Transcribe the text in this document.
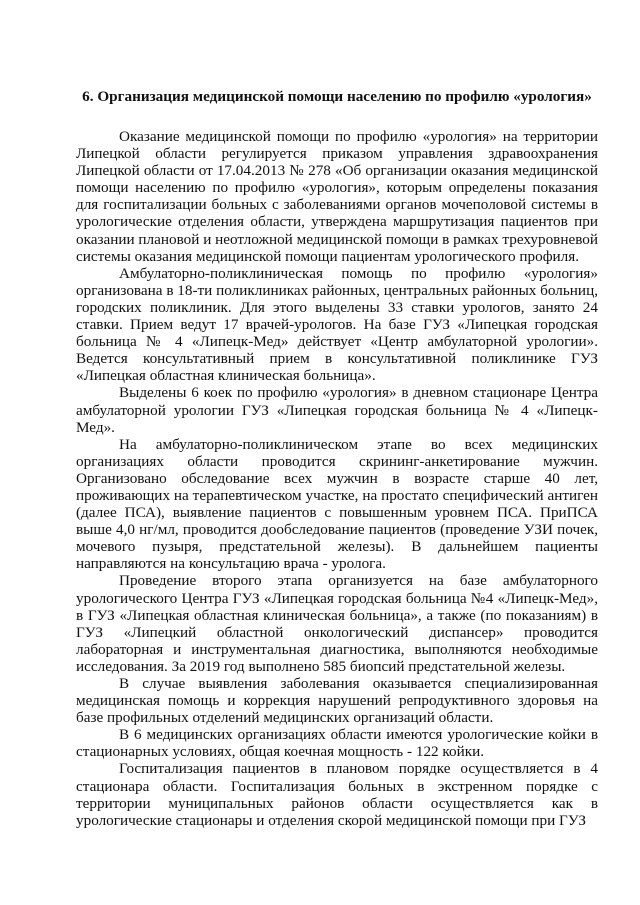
6. Организация медицинской помощи населению по профилю «урология»

Оказание медицинской помощи по профилю «урология» на территории Липецкой области регулируется приказом управления здравоохранения Липецкой области от 17.04.2013 № 278 «Об организации оказания медицинской помощи населению по профилю «урология», которым определены показания для госпитализации больных с заболеваниями органов мочеполовой системы в урологические отделения области, утверждена маршрутизация пациентов при оказании плановой и неотложной медицинской помощи в рамках трехуровневой системы оказания медицинской помощи пациентам урологического профиля.

Амбулаторно-поликлиническая помощь по профилю «урология» организована в 18-ти поликлиниках районных, центральных районных больниц, городских поликлиник. Для этого выделены 33 ставки урологов, занято 24 ставки. Прием ведут 17 врачей-урологов. На базе ГУЗ «Липецкая городская больница № 4 «Липецк-Мед» действует «Центр амбулаторной урологии». Ведется консультативный прием в консультативной поликлинике ГУЗ «Липецкая областная клиническая больница».

Выделены 6 коек по профилю «урология» в дневном стационаре Центра амбулаторной урологии ГУЗ «Липецкая городская больница № 4 «Липецк-Мед».

На амбулаторно-поликлиническом этапе во всех медицинских организациях области проводится скрининг-анкетирование мужчин. Организовано обследование всех мужчин в возрасте старше 40 лет, проживающих на терапевтическом участке, на простато специфический антиген (далее ПСА), выявление пациентов с повышенным уровнем ПСА. ПриПСА выше 4,0 нг/мл, проводится дообследование пациентов (проведение УЗИ почек, мочевого пузыря, предстательной железы). В дальнейшем пациенты направляются на консультацию врача - уролога.

Проведение второго этапа организуется на базе амбулаторного урологического Центра ГУЗ «Липецкая городская больница №4 «Липецк-Мед», в ГУЗ «Липецкая областная клиническая больница», а также (по показаниям) в ГУЗ «Липецкий областной онкологический диспансер» проводится лабораторная и инструментальная диагностика, выполняются необходимые исследования. За 2019 год выполнено 585 биопсий предстательной железы.

В случае выявления заболевания оказывается специализированная медицинская помощь и коррекция нарушений репродуктивного здоровья на базе профильных отделений медицинских организаций области.

В 6 медицинских организациях области имеются урологические койки в стационарных условиях, общая коечная мощность - 122 койки.

Госпитализация пациентов в плановом порядке осуществляется в 4 стационара области. Госпитализация больных в экстренном порядке с территории муниципальных районов области осуществляется как в урологические стационары и отделения скорой медицинской помощи при ГУЗ
